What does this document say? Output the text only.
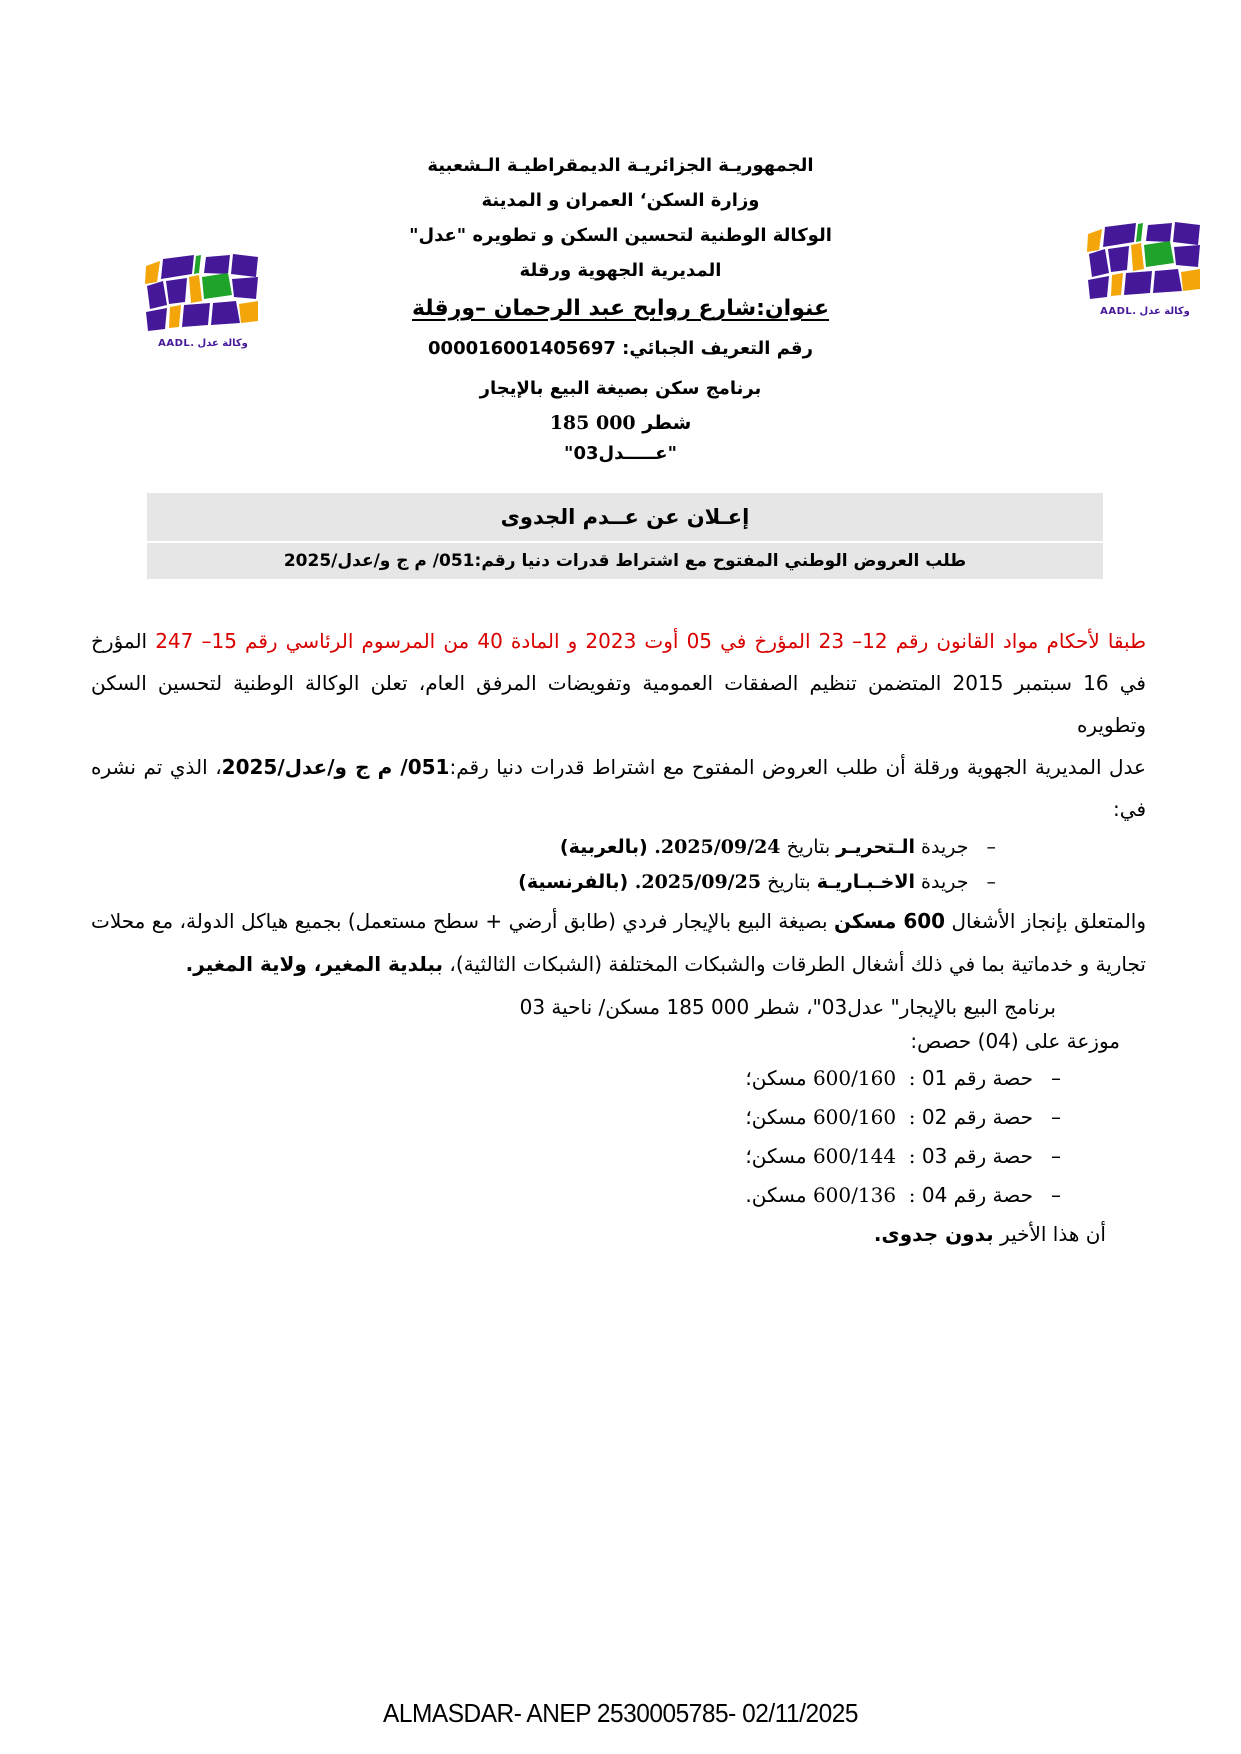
وكالة عدل .AADL
وكالة عدل .AADL
الجمهوريـة الجزائريـة الديمقراطيـة الـشعبية
وزارة السكن‘ العمران و المدينة
الوكالة الوطنية لتحسين السكن و تطويره "عدل"
المديرية الجهوية ورقلة
عنوان:شارع روابح عبد الرحمان –ورقلة
رقم التعريف الجبائي: 000016001405697
برنامج سكن بصيغة البيع بالإيجار
شطر 185 000
"عـــــدل03"
إعـلان عن عــدم الجدوى
طلب العروض الوطني المفتوح مع اشتراط قدرات دنيا رقم:051/ م ج و/عدل/2025
طبقا لأحكام مواد القانون رقم 12– 23 المؤرخ في 05 أوت 2023 و المادة 40 من المرسوم الرئاسي رقم 15– 247 المؤرخ
في 16 سبتمبر 2015 المتضمن تنظيم الصفقات العمومية وتفويضات المرفق العام، تعلن الوكالة الوطنية لتحسين السكن وتطويره
عدل المديرية الجهوية ورقلة أن طلب العروض المفتوح مع اشتراط قدرات دنيا رقم:051/ م ج و/عدل/2025، الذي تم نشره في:
–جريدة الـتحريـر بتاريخ 2025/09/24. (بالعربية)
–جريدة الاخـبـاريـة بتاريخ 2025/09/25. (بالفرنسية)
والمتعلق بإنجاز الأشغال 600 مسكن بصيغة البيع بالإيجار فردي (طابق أرضي + سطح مستعمل) بجميع هياكل الدولة، مع محلات
تجارية و خدماتية بما في ذلك أشغال الطرقات والشبكات المختلفة (الشبكات الثالثية)، ببلدية المغير، ولاية المغير.
برنامج البيع بالإيجار" عدل03"، شطر 185 000 مسكن/ ناحية 03
موزعة على (04) حصص:
–حصة رقم 01 :  600/160 مسكن؛
–حصة رقم 02 :  600/160 مسكن؛
–حصة رقم 03 :  600/144 مسكن؛
–حصة رقم 04 :  600/136 مسكن.
أن هذا الأخير بدون جدوى.
ALMASDAR- ANEP 2530005785- 02/11/2025
